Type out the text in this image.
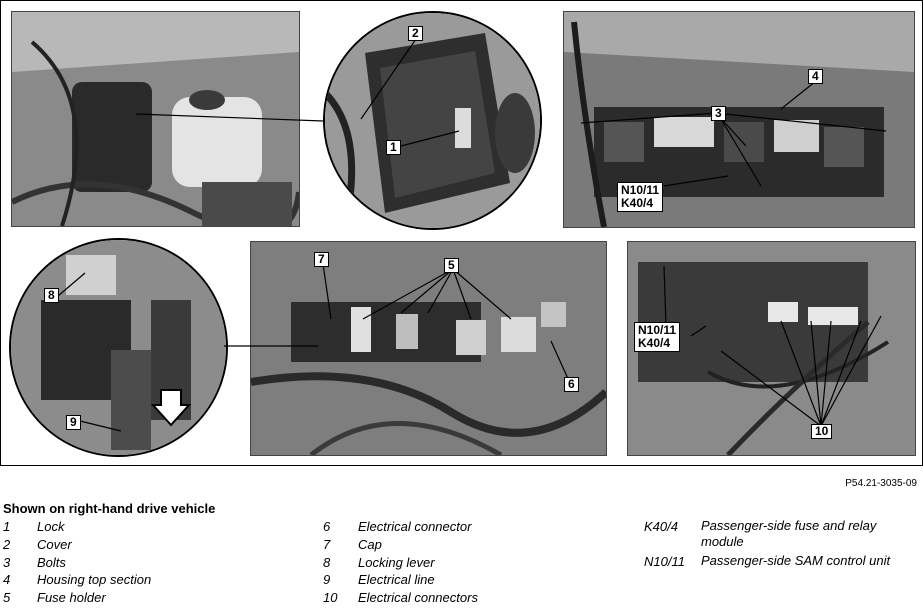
1
2
3
4
N10/11
K40/4
8
9
7	5
6
N10/11
K40/4
10
P54.21-3035-09
Shown on right-hand drive vehicle
1	Lock
2	Cover
3	Bolts
4	Housing top section
5	Fuse holder
6	Electrical connector
7	Cap
8	Locking lever
9	Electrical line
10	Electrical connectors
K40/4	Passenger-side fuse and relay module
N10/11	Passenger-side SAM control unit
